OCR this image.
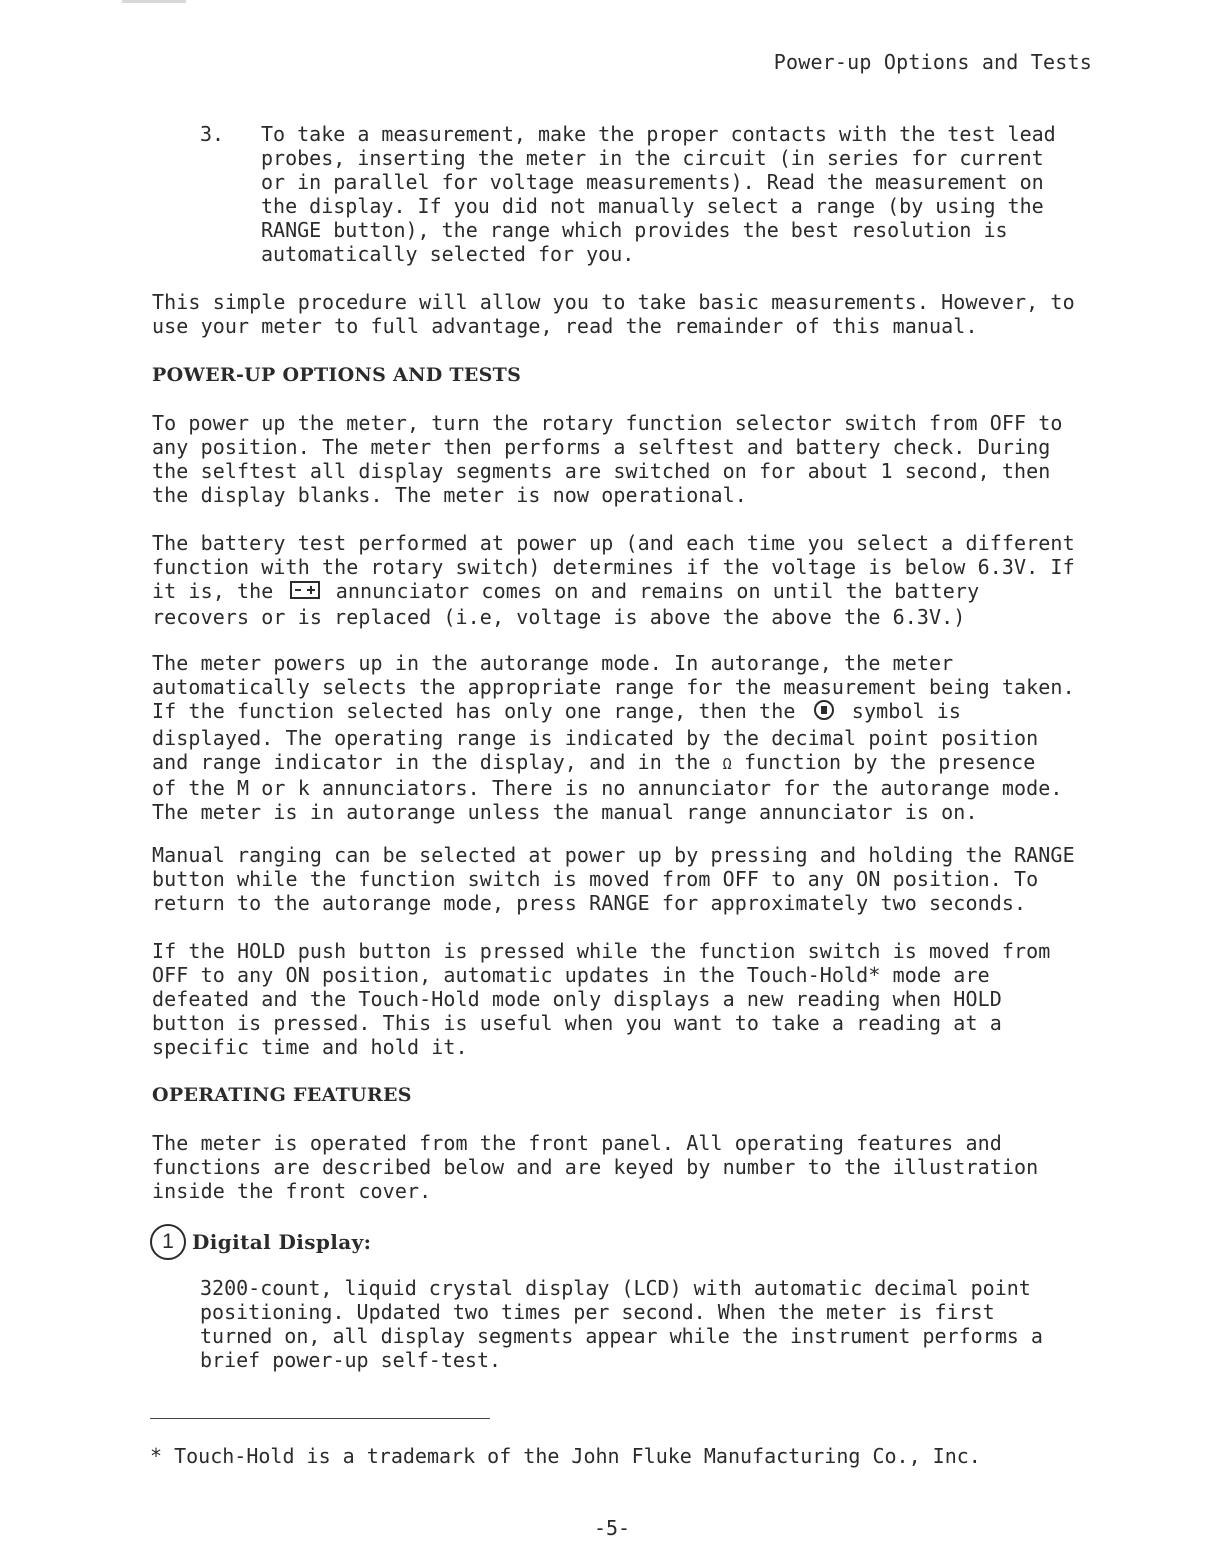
Power-up Options and Tests
3. To take a measurement, make the proper contacts with the test lead
probes, inserting the meter in the circuit (in series for current
or in parallel for voltage measurements). Read the measurement on
the display. If you did not manually select a range (by using the
RANGE button), the range which provides the best resolution is
automatically selected for you.
This simple procedure will allow you to take basic measurements. However, to
use your meter to full advantage, read the remainder of this manual.
POWER-UP OPTIONS AND TESTS
To power up the meter, turn the rotary function selector switch from OFF to
any position. The meter then performs a selftest and battery check. During
the selftest all display segments are switched on for about 1 second, then
the display blanks. The meter is now operational.
The battery test performed at power up (and each time you select a different
function with the rotary switch) determines if the voltage is below 6.3V. If
it is, the	annunciator comes on and remains on until the battery
recovers or is replaced (i.e, voltage is above the above the 6.3V.)
The meter powers up in the autorange mode. In autorange, the meter
automatically selects the appropriate range for the measurement being taken.
If the function selected has only one range, then the	symbol is
displayed. The operating range is indicated by the decimal point position
and range indicator in the display, and in the Ω function by the presence
of the M or k annunciators. There is no annunciator for the autorange mode.
The meter is in autorange unless the manual range annunciator is on.
Manual ranging can be selected at power up by pressing and holding the RANGE
button while the function switch is moved from OFF to any ON position. To
return to the autorange mode, press RANGE for approximately two seconds.
If the HOLD push button is pressed while the function switch is moved from
OFF to any ON position, automatic updates in the Touch-Hold* mode are
defeated and the Touch-Hold mode only displays a new reading when HOLD
button is pressed. This is useful when you want to take a reading at a
specific time and hold it.
OPERATING FEATURES
The meter is operated from the front panel. All operating features and
functions are described below and are keyed by number to the illustration
inside the front cover.
1 Digital Display:
3200-count, liquid crystal display (LCD) with automatic decimal point
positioning. Updated two times per second. When the meter is first
turned on, all display segments appear while the instrument performs a
brief power-up self-test.
* Touch-Hold is a trademark of the John Fluke Manufacturing Co., Inc.
-5-
